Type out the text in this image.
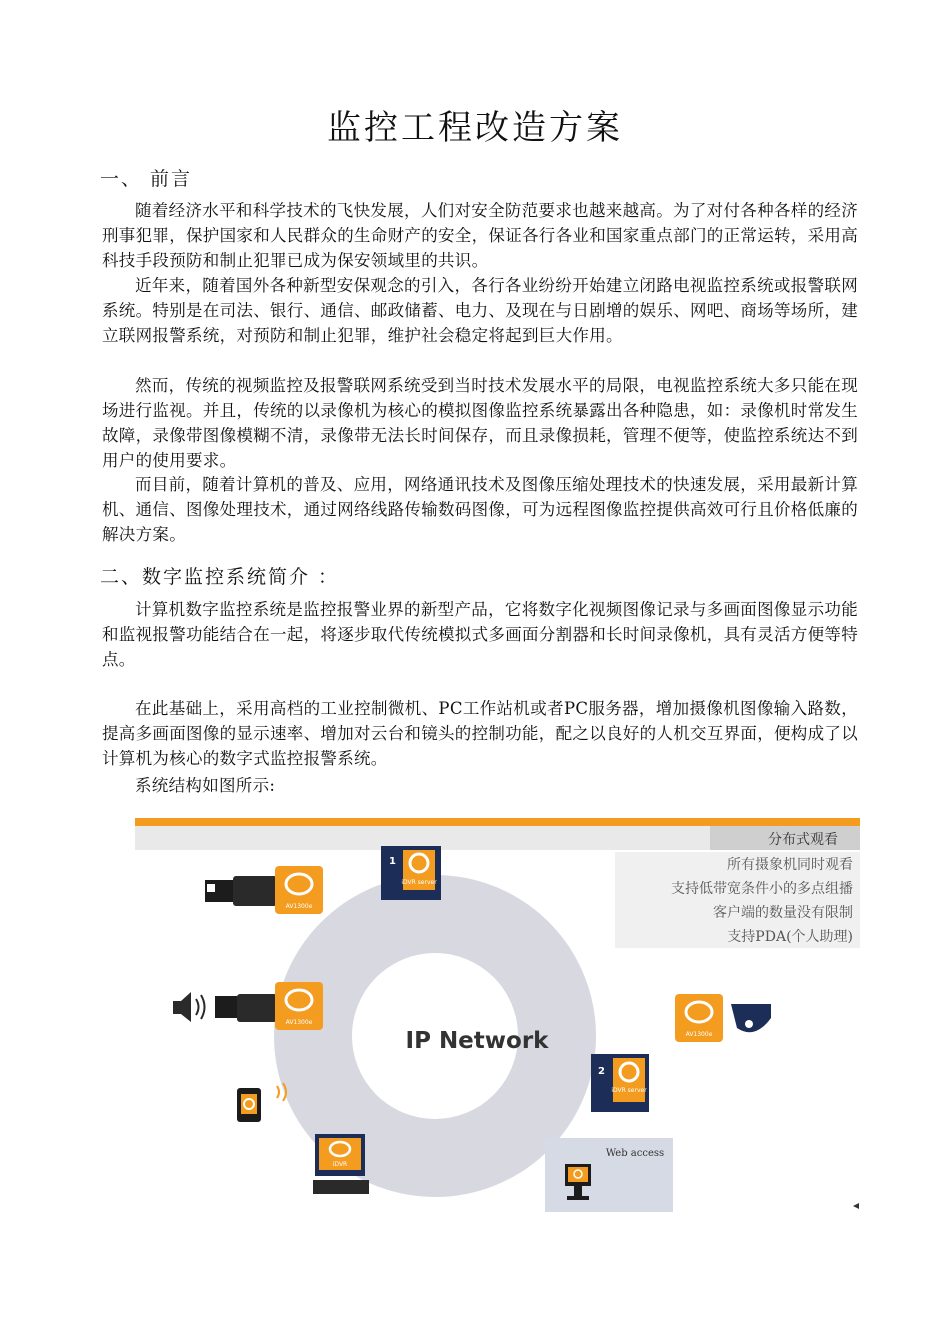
监控工程改造方案
一、 前言

随着经济水平和科学技术的飞快发展，人们对安全防范要求也越来越高。为了对付各种各样的经济刑事犯罪，保护国家和人民群众的生命财产的安全，保证各行各业和国家重点部门的正常运转，采用高科技手段预防和制止犯罪已成为保安领域里的共识。

近年来，随着国外各种新型安保观念的引入，各行各业纷纷开始建立闭路电视监控系统或报警联网系统。特别是在司法、银行、通信、邮政储蓄、电力、及现在与日剧增的娱乐、网吧、商场等场所，建立联网报警系统，对预防和制止犯罪，维护社会稳定将起到巨大作用。

然而，传统的视频监控及报警联网系统受到当时技术发展水平的局限，电视监控系统大多只能在现场进行监视。并且，传统的以录像机为核心的模拟图像监控系统暴露出各种隐患，如：录像机时常发生故障，录像带图像模糊不清，录像带无法长时间保存，而且录像损耗，管理不便等，使监控系统达不到用户的使用要求。

而目前，随着计算机的普及、应用，网络通讯技术及图像压缩处理技术的快速发展，采用最新计算机、通信、图像处理技术，通过网络线路传输数码图像，可为远程图像监控提供高效可行且价格低廉的解决方案。

二、数字监控系统简介 ：

计算机数字监控系统是监控报警业界的新型产品，它将数字化视频图像记录与多画面图像显示功能和监视报警功能结合在一起，将逐步取代传统模拟式多画面分割器和长时间录像机，具有灵活方便等特点。

在此基础上，采用高档的工业控制微机、PC工作站机或者PC服务器，增加摄像机图像输入路数，提高多画面图像的显示速率、增加对云台和镜头的控制功能，配之以良好的人机交互界面，便构成了以计算机为核心的数字式监控报警系统。

系统结构如图所示:
分布式观看
所有摄象机同时观看
支持低带宽条件小的多点组播
客户端的数量没有限制
支持PDA(个人助理)
IP Network
1
iDVR server
2
iDVR server
AV1300e
AV1300e
AV1300e
iDVR
Web access
